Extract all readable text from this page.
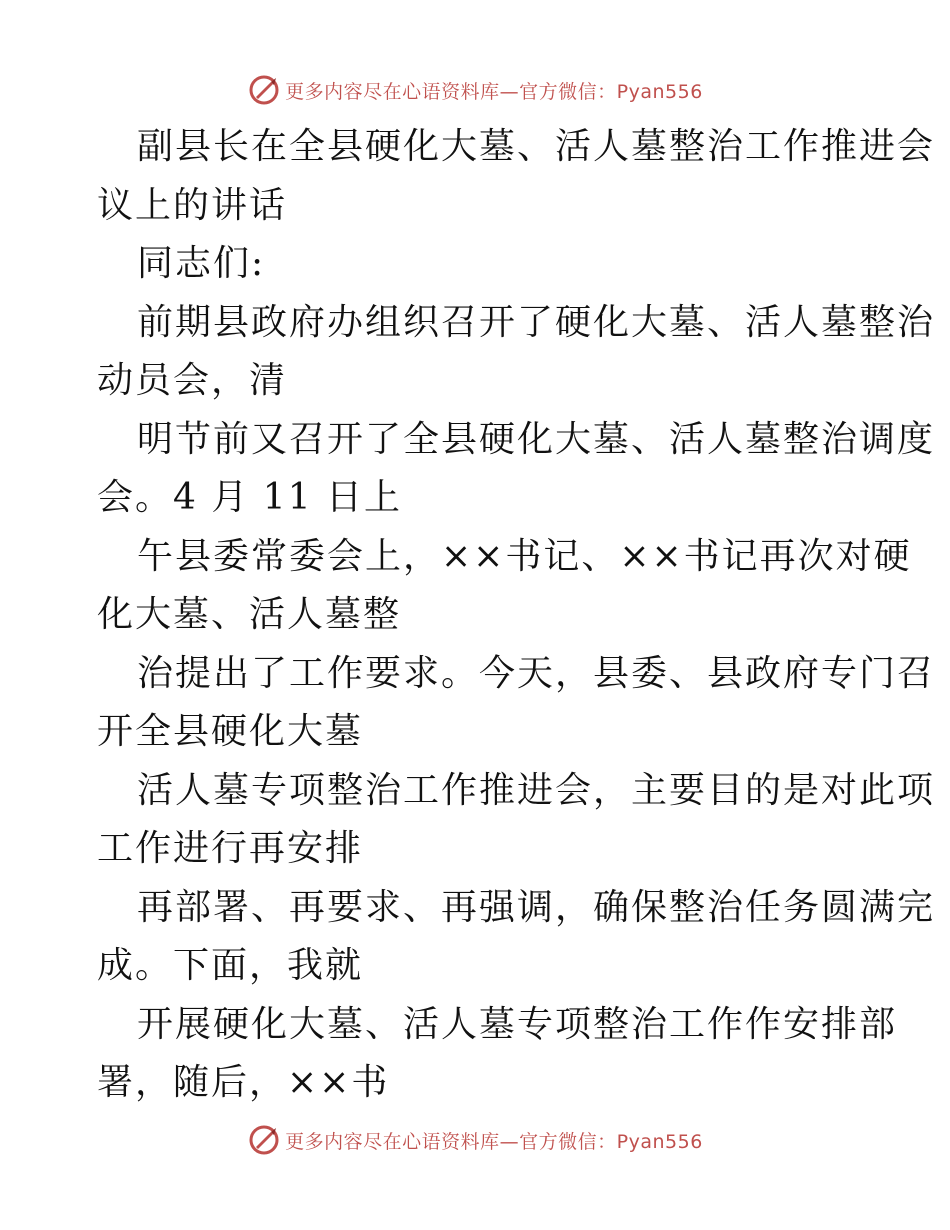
更多内容尽在心语资料库 —官方微信：Pyan556
副县长在全县硬化大墓、活人墓整治工作推进会
议上的讲话
同志们:
前期县政府办组织召开了硬化大墓、活人墓整治
动员会，清
明节前又召开了全县硬化大墓、活人墓整治调度
会。4 月 11 日上
午县委常委会上，××书记、××书记再次对硬
化大墓、活人墓整
治提出了工作要求。今天，县委、县政府专门召
开全县硬化大墓
活人墓专项整治工作推进会，主要目的是对此项
工作进行再安排
再部署、再要求、再强调，确保整治任务圆满完
成。下面，我就
开展硬化大墓、活人墓专项整治工作作安排部
署，随后，××书
更多内容尽在心语资料库 —官方微信：Pyan556
